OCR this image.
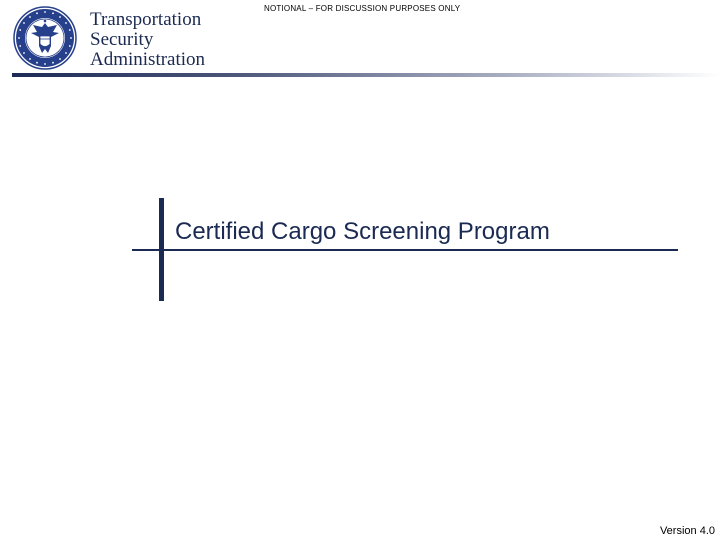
Transportation
Security
Administration
NOTIONAL – FOR DISCUSSION PURPOSES ONLY
Certified Cargo Screening Program
Version 4.0
